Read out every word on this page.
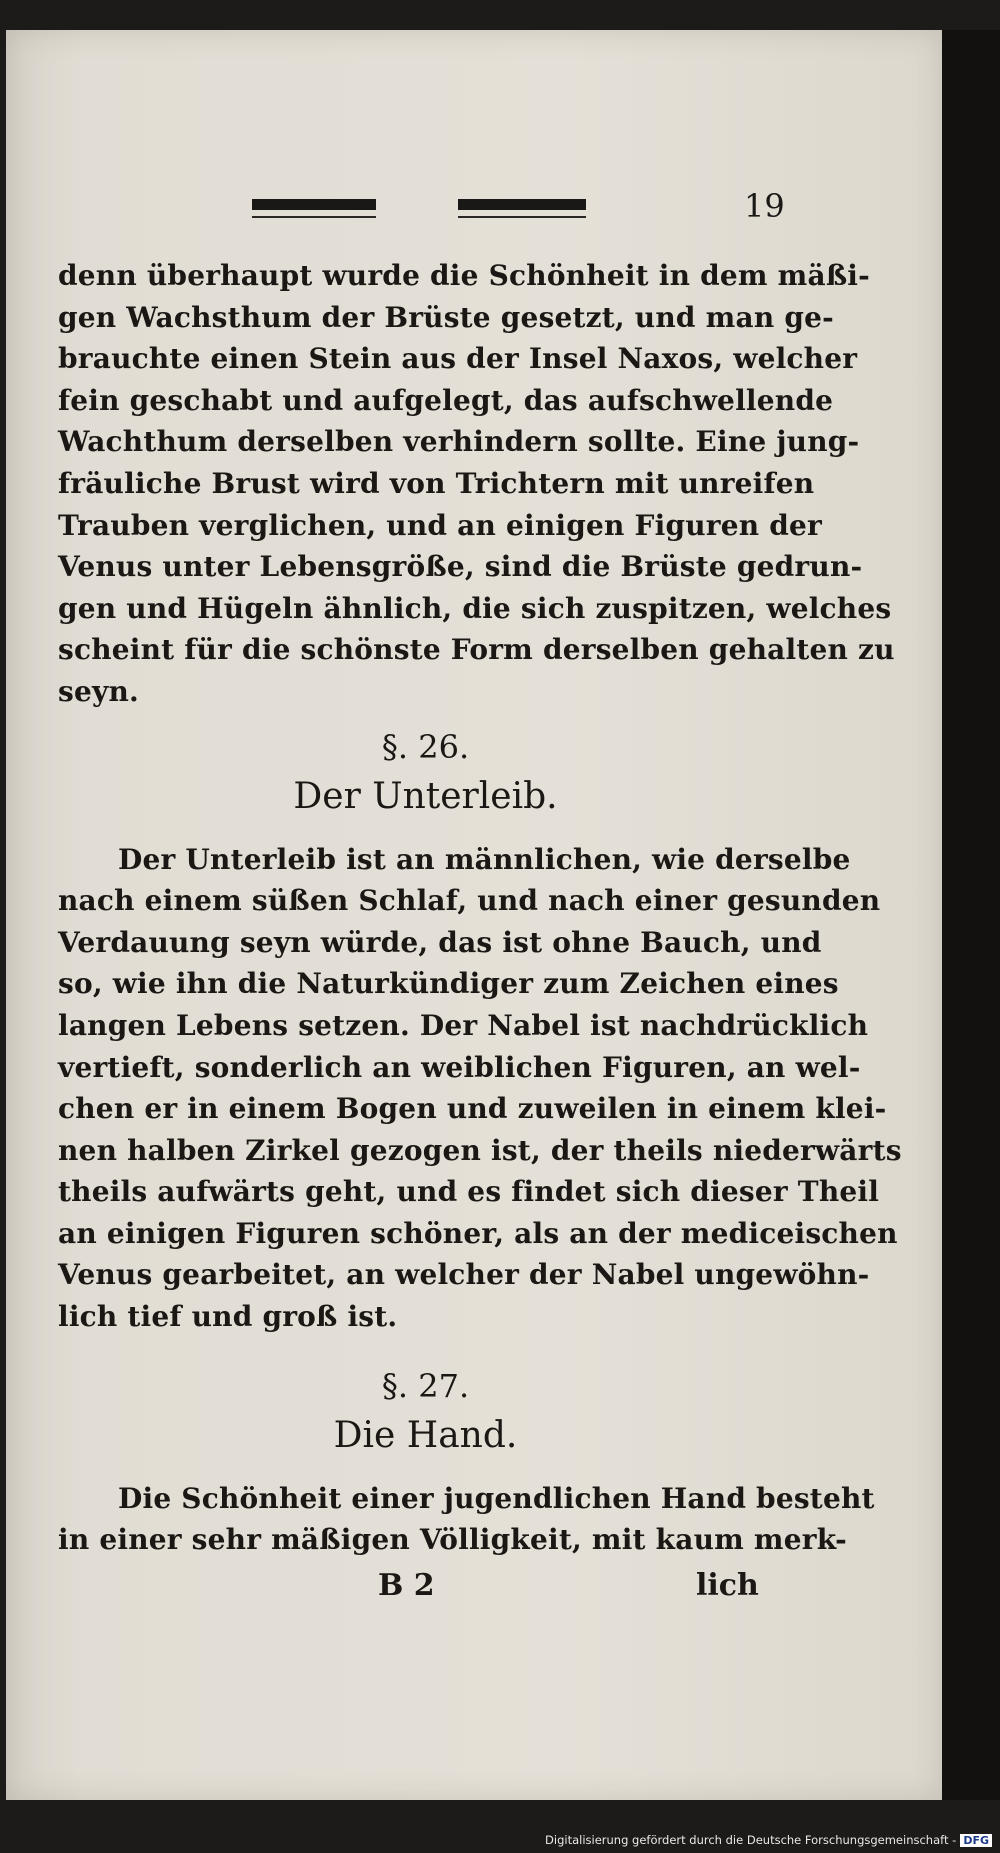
19
denn überhaupt wurde die Schönheit in dem mäßi-
gen Wachsthum der Brüste gesetzt, und man ge-
brauchte einen Stein aus der Insel Naxos, welcher
fein geschabt und aufgelegt, das aufschwellende
Wachthum derselben verhindern sollte. Eine jung-
fräuliche Brust wird von Trichtern mit unreifen
Trauben verglichen, und an einigen Figuren der
Venus unter Lebensgröße, sind die Brüste gedrun-
gen und Hügeln ähnlich, die sich zuspitzen, welches
scheint für die schönste Form derselben gehalten zu
seyn.
§. 26.
Der Unterleib.
Der Unterleib ist an männlichen, wie derselbe
nach einem süßen Schlaf, und nach einer gesunden
Verdauung seyn würde, das ist ohne Bauch, und
so, wie ihn die Naturkündiger zum Zeichen eines
langen Lebens setzen. Der Nabel ist nachdrücklich
vertieft, sonderlich an weiblichen Figuren, an wel-
chen er in einem Bogen und zuweilen in einem klei-
nen halben Zirkel gezogen ist, der theils niederwärts
theils aufwärts geht, und es findet sich dieser Theil
an einigen Figuren schöner, als an der mediceischen
Venus gearbeitet, an welcher der Nabel ungewöhn-
lich tief und groß ist.
§. 27.
Die Hand.
Die Schönheit einer jugendlichen Hand besteht
in einer sehr mäßigen Völligkeit, mit kaum merk-
B 2	lich
Digitalisierung gefördert durch die Deutsche Forschungsgemeinschaft - DFG
